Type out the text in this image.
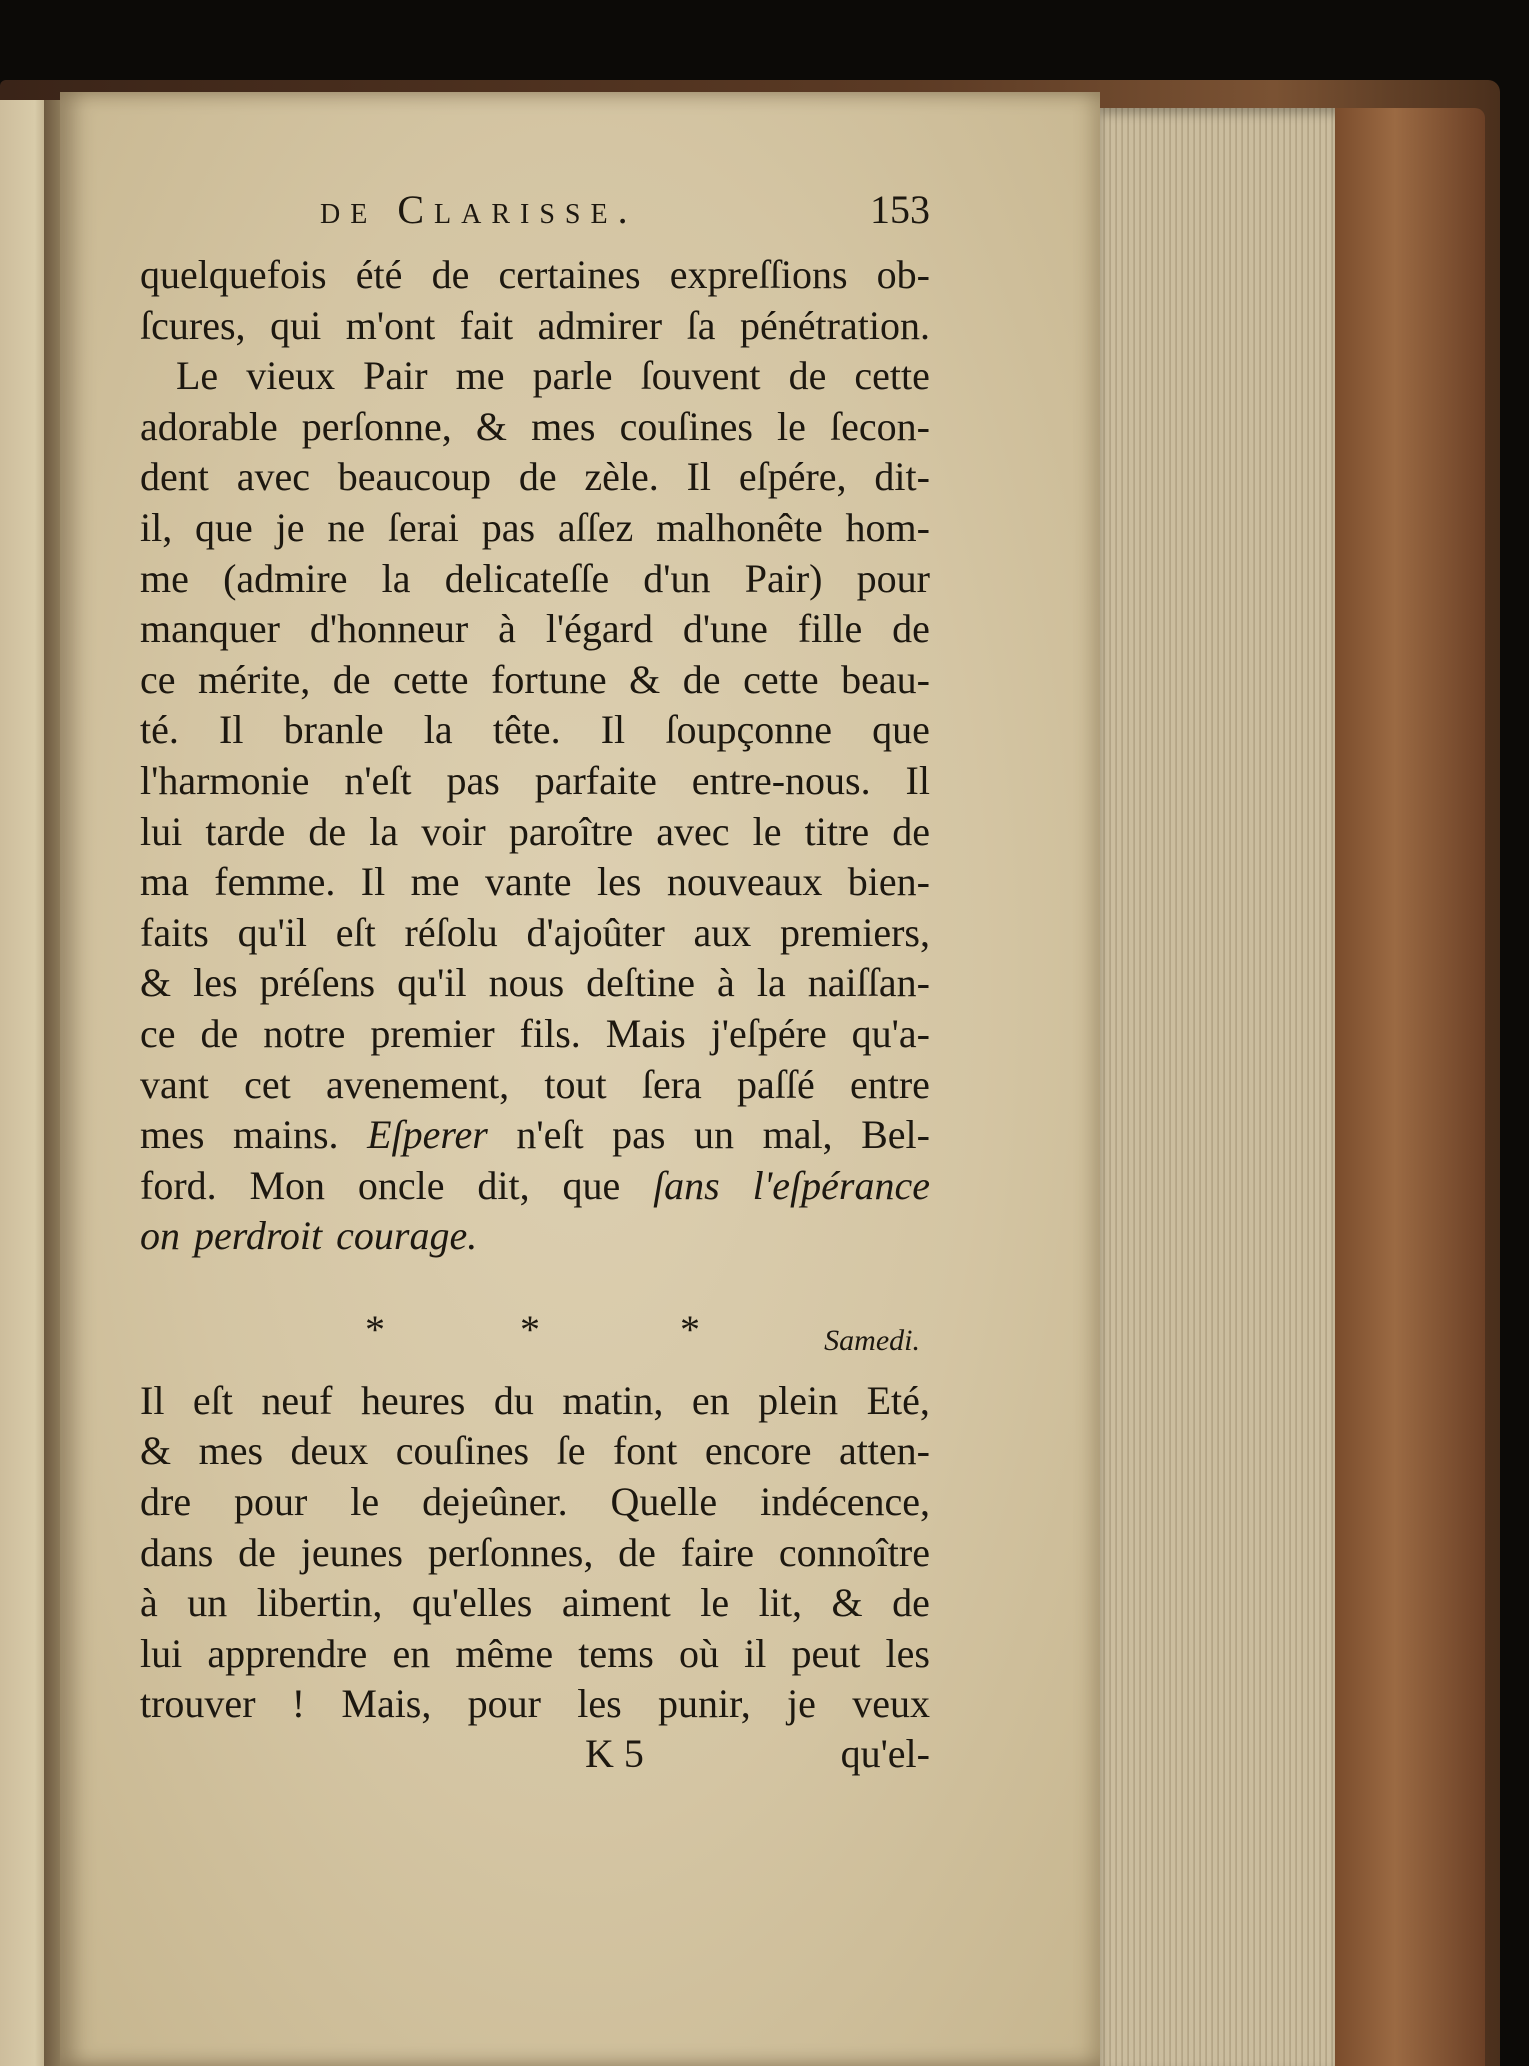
de Clarisse.	153
quelquefois été de certaines expreſſions ob-
ſcures, qui m'ont fait admirer ſa pénétration.
Le vieux Pair me parle ſouvent de cette
adorable perſonne, & mes couſines le ſecon-
dent avec beaucoup de zèle. Il eſpére, dit-
il, que je ne ſerai pas aſſez malhonête hom-
me (admire la delicateſſe d'un Pair) pour
manquer d'honneur à l'égard d'une fille de
ce mérite, de cette fortune & de cette beau-
té. Il branle la tête. Il ſoupçonne que
l'harmonie n'eſt pas parfaite entre-nous. Il
lui tarde de la voir paroître avec le titre de
ma femme. Il me vante les nouveaux bien-
faits qu'il eſt réſolu d'ajoûter aux premiers,
& les préſens qu'il nous deſtine à la naiſſan-
ce de notre premier fils. Mais j'eſpére qu'a-
vant cet avenement, tout ſera paſſé entre
mes mains. Eſperer n'eſt pas un mal, Bel-
ford. Mon oncle dit, que ſans l'eſpérance
on perdroit courage.
*	*	*	Samedi.
Il eſt neuf heures du matin, en plein Eté,
& mes deux couſines ſe font encore atten-
dre pour le dejeûner. Quelle indécence,
dans de jeunes perſonnes, de faire connoître
à un libertin, qu'elles aiment le lit, & de
lui apprendre en même tems où il peut les
trouver ! Mais, pour les punir, je veux
K 5	qu'el-
